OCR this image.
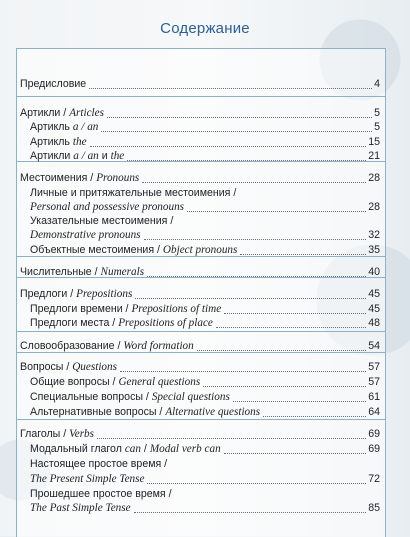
Содержание
Предисловие	4
Артикли / Articles	5
Артикль a / an	5
Артикль the	15
Артикли a / an и the	21
Местоимения / Pronouns	28
Личные и притяжательные местоимения /
Personal and possessive pronouns	28
Указательные местоимения /
Demonstrative pronouns	32
Объектные местоимения / Object pronouns	35
Числительные / Numerals	40
Предлоги / Prepositions	45
Предлоги времени / Prepositions of time	45
Предлоги места / Prepositions of place	48
Словообразование / Word formation	54
Вопросы / Questions	57
Общие вопросы / General questions	57
Специальные вопросы / Special questions	61
Альтернативные вопросы / Alternative questions	64
Глаголы / Verbs	69
Модальный глагол can / Modal verb can	69
Настоящее простое время /
The Present Simple Tense	72
Прошедшее простое время /
The Past Simple Tense	85
